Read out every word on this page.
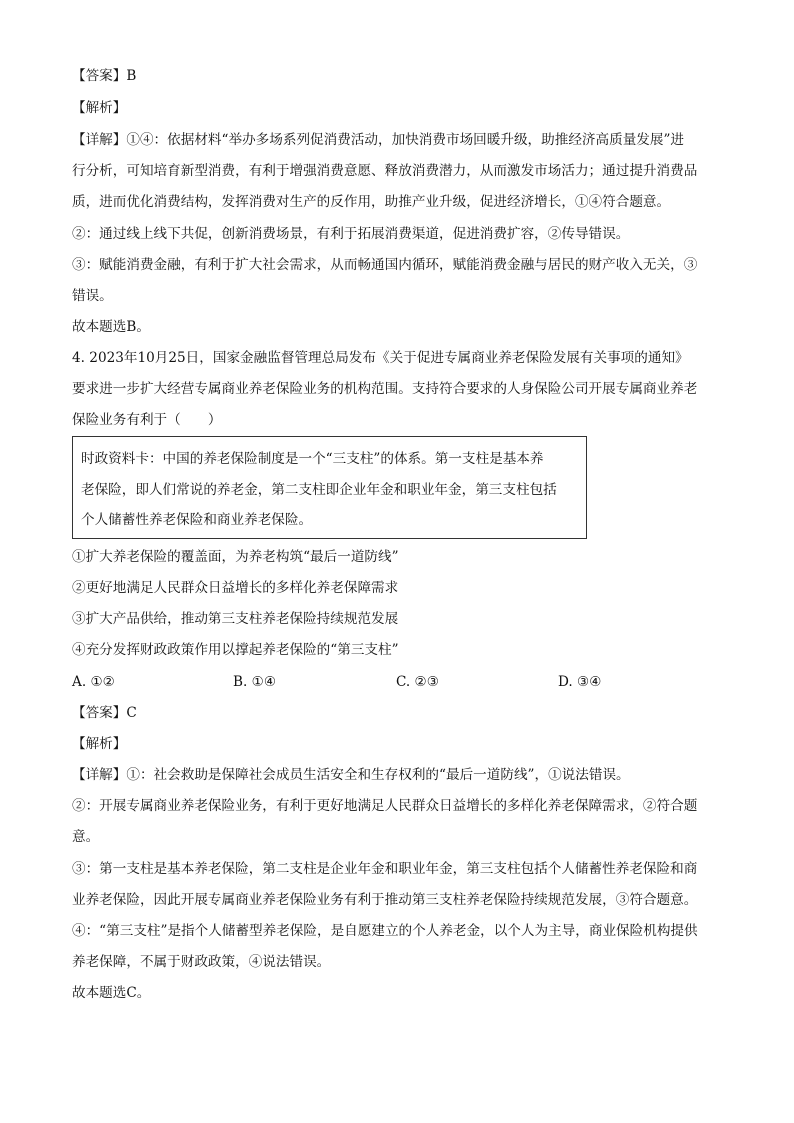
【答案】B
【解析】
【详解】①④：依据材料“举办多场系列促消费活动，加快消费市场回暖升级，助推经济高质量发展”进
行分析，可知培育新型消费，有利于增强消费意愿、释放消费潜力，从而激发市场活力；通过提升消费品
质，进而优化消费结构，发挥消费对生产的反作用，助推产业升级，促进经济增长，①④符合题意。
②：通过线上线下共促，创新消费场景，有利于拓展消费渠道，促进消费扩容，②传导错误。
③：赋能消费金融，有利于扩大社会需求，从而畅通国内循环，赋能消费金融与居民的财产收入无关，③
错误。
故本题选B。
4. 2023年10月25日，国家金融监督管理总局发布《关于促进专属商业养老保险发展有关事项的通知》
要求进一步扩大经营专属商业养老保险业务的机构范围。支持符合要求的人身保险公司开展专属商业养老
保险业务有利于（　　）
时政资料卡：中国的养老保险制度是一个“三支柱”的体系。第一支柱是基本养
老保险，即人们常说的养老金，第二支柱即企业年金和职业年金，第三支柱包括
个人储蓄性养老保险和商业养老保险。
①扩大养老保险的覆盖面，为养老构筑“最后一道防线”
②更好地满足人民群众日益增长的多样化养老保障需求
③扩大产品供给，推动第三支柱养老保险持续规范发展
④充分发挥财政政策作用以撑起养老保险的“第三支柱”
A. ①②	B. ①④	C. ②③	D. ③④
【答案】C
【解析】
【详解】①：社会救助是保障社会成员生活安全和生存权利的“最后一道防线”，①说法错误。
②：开展专属商业养老保险业务，有利于更好地满足人民群众日益增长的多样化养老保障需求，②符合题
意。
③：第一支柱是基本养老保险，第二支柱是企业年金和职业年金，第三支柱包括个人储蓄性养老保险和商
业养老保险，因此开展专属商业养老保险业务有利于推动第三支柱养老保险持续规范发展，③符合题意。
④：“第三支柱”是指个人储蓄型养老保险，是自愿建立的个人养老金，以个人为主导，商业保险机构提供
养老保障，不属于财政政策，④说法错误。
故本题选C。
